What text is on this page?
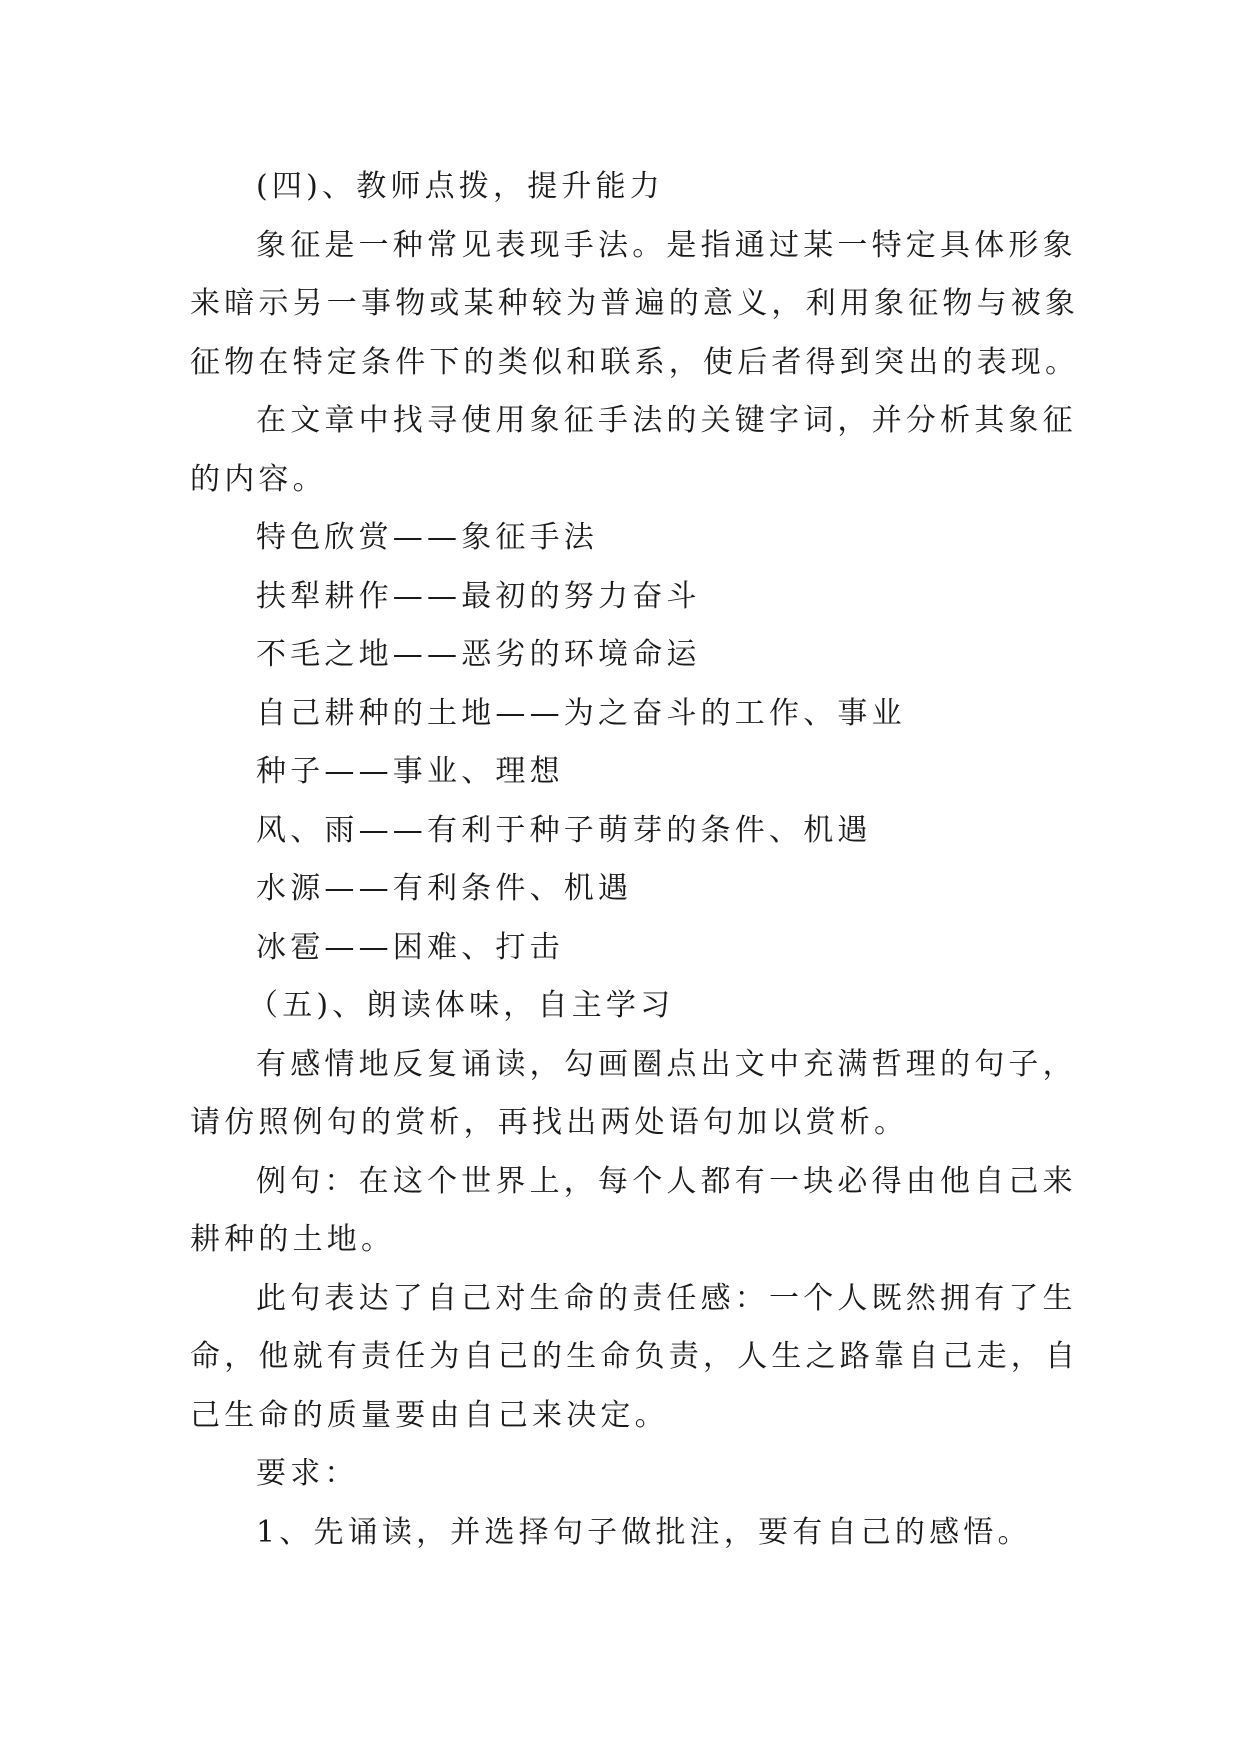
(四)、教师点拨，提升能力
象征是一种常见表现手法。是指通过某一特定具体形象
来暗示另一事物或某种较为普遍的意义，利用象征物与被象
征物在特定条件下的类似和联系，使后者得到突出的表现。
在文章中找寻使用象征手法的关键字词，并分析其象征
的内容。
特色欣赏——象征手法
扶犁耕作——最初的努力奋斗
不毛之地——恶劣的环境命运
自己耕种的土地——为之奋斗的工作、事业
种子——事业、理想
风、雨——有利于种子萌芽的条件、机遇
水源——有利条件、机遇
冰雹——困难、打击
（五)、朗读体味，自主学习
有感情地反复诵读，勾画圈点出文中充满哲理的句子，
请仿照例句的赏析，再找出两处语句加以赏析。
例句：在这个世界上，每个人都有一块必得由他自己来
耕种的土地。
此句表达了自己对生命的责任感：一个人既然拥有了生
命，他就有责任为自己的生命负责，人生之路靠自己走，自
己生命的质量要由自己来决定。
要求：
1、先诵读，并选择句子做批注，要有自己的感悟。
